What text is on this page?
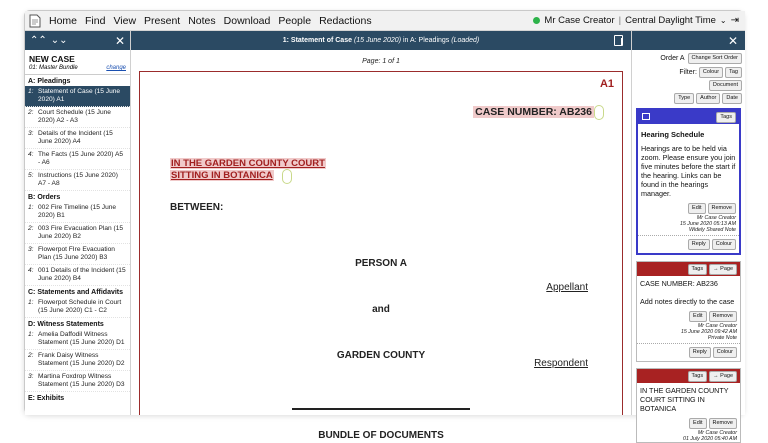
Home Find View Present Notes Download People Redactions	Mr Case Creator | Central Daylight Time ⌄ ⇥
⌃⌃ ⌄⌄	✕
NEW CASE
01: Master Bundle	change
A: Pleadings
1: Statement of Case (15 June 2020) A1
2: Court Schedule (15 June 2020) A2 - A3
3: Details of the Incident (15 June 2020) A4
4: The Facts (15 June 2020) A5 - A6
5: Instructions (15 June 2020) A7 - A8
B: Orders
1: 002 Fire Timeline (15 June 2020) B1
2: 003 Fire Evacuation Plan (15 June 2020) B2
3: Flowerpot FIre Evacuation Plan (15 June 2020) B3
4: 001 Details of the Incident (15 June 2020) B4
C: Statements and Affidavits
1: Flowerpot Schedule in Court (15 June 2020) C1 - C2
D: Witness Statements
1: Amelia Daffodil Witness Statement (15 June 2020) D1
2: Frank Daisy Witness Statement (15 June 2020) D2
3: Martina Foxdrop Witness Statement (15 June 2020) D3
E: Exhibits
1: Statement of Case (15 June 2020) in A: Pleadings (Loaded)
Page: 1 of 1
A1
CASE NUMBER: AB236
IN THE GARDEN COUNTY COURT
SITTING IN BOTANICA
BETWEEN:
PERSON A
Appellant
and
GARDEN COUNTY
Respondent
BUNDLE OF DOCUMENTS
✕
Order A	Change Sort Order
Filter:	Colour	Tag
Document
Type	Author	Date
Tags
Hearing Schedule
Hearings are to be held via zoom. Please ensure you join five minutes before the start if the hearing. Links can be found in the hearings manager.
Edit	Remove
Mr Case Creator
15 June 2020 05:13 AM
Widely Shared Note
Reply	Colour
Tags	→ Page
CASE NUMBER: AB236

Add notes directly to the case
Edit	Remove
Mr Case Creator
15 June 2020 09:42 AM
Private Note
Reply	Colour
Tags	→ Page
IN THE GARDEN COUNTY COURT SITTING IN BOTANICA
Edit	Remove
Mr Case Creator
01 July 2020 05:40 AM
